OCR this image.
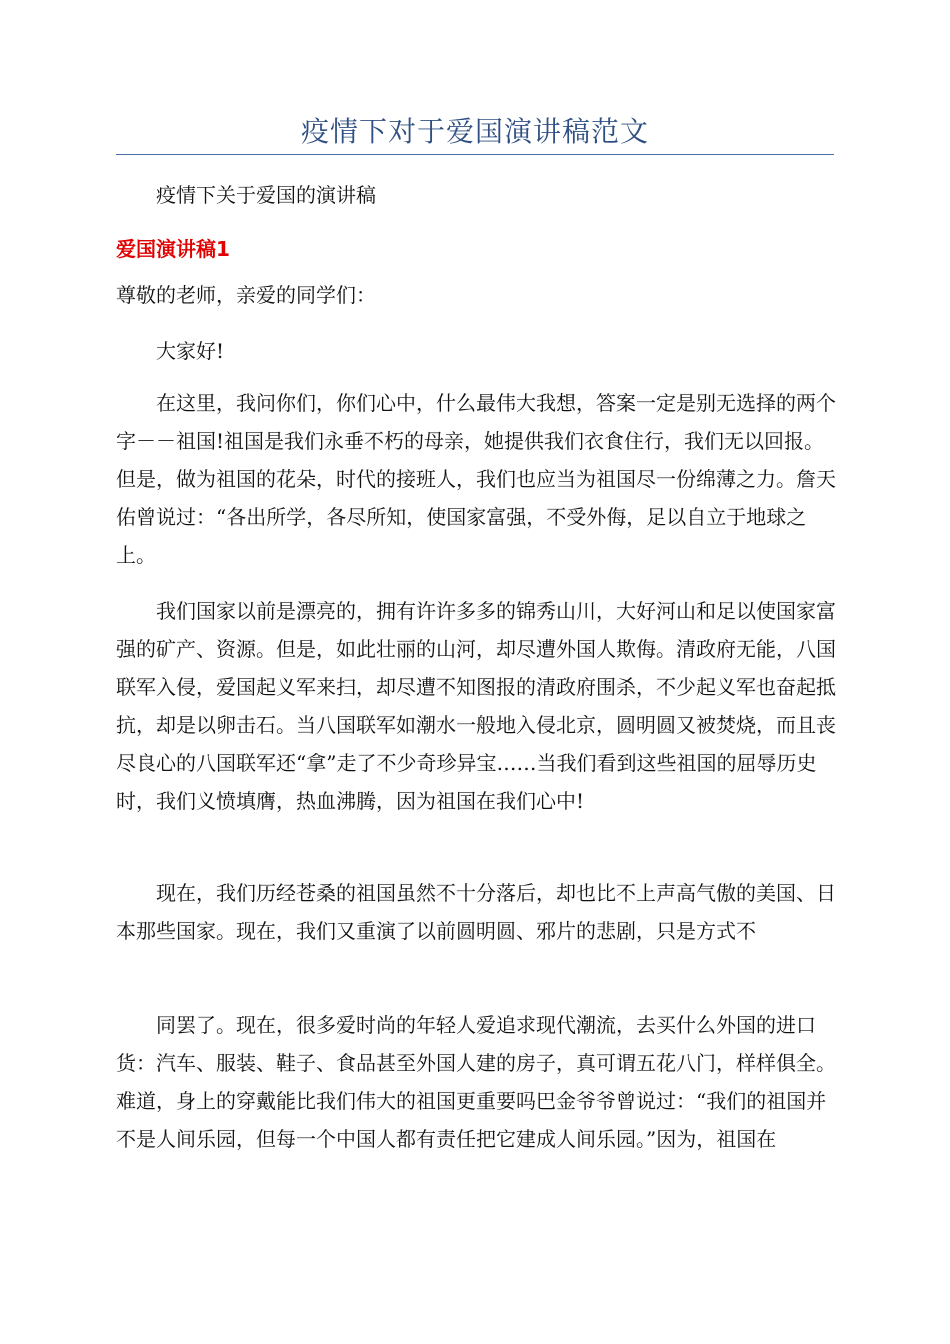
疫情下对于爱国演讲稿范文

疫情下关于爱国的演讲稿

爱国演讲稿1

尊敬的老师，亲爱的同学们：

大家好!

在这里，我问你们，你们心中，什么最伟大我想，答案一定是别无选择的两个字－－祖国!祖国是我们永垂不朽的母亲，她提供我们衣食住行，我们无以回报。但是，做为祖国的花朵，时代的接班人，我们也应当为祖国尽一份绵薄之力。詹天佑曾说过：“各出所学，各尽所知，使国家富强，不受外侮，足以自立于地球之上。

我们国家以前是漂亮的，拥有许许多多的锦秀山川，大好河山和足以使国家富强的矿产、资源。但是，如此壮丽的山河，却尽遭外国人欺侮。清政府无能，八国联军入侵，爱国起义军来扫，却尽遭不知图报的清政府围杀，不少起义军也奋起抵抗，却是以卵击石。当八国联军如潮水一般地入侵北京，圆明圆又被焚烧，而且丧尽良心的八国联军还“拿”走了不少奇珍异宝……当我们看到这些祖国的屈辱历史时，我们义愤填膺，热血沸腾，因为祖国在我们心中!

现在，我们历经苍桑的祖国虽然不十分落后，却也比不上声高气傲的美国、日本那些国家。现在，我们又重演了以前圆明圆、邪片的悲剧，只是方式不

同罢了。现在，很多爱时尚的年轻人爱追求现代潮流，去买什么外国的进口货：汽车、服装、鞋子、食品甚至外国人建的房子，真可谓五花八门，样样俱全。难道，身上的穿戴能比我们伟大的祖国更重要吗巴金爷爷曾说过：“我们的祖国并不是人间乐园，但每一个中国人都有责任把它建成人间乐园。”因为，祖国在
